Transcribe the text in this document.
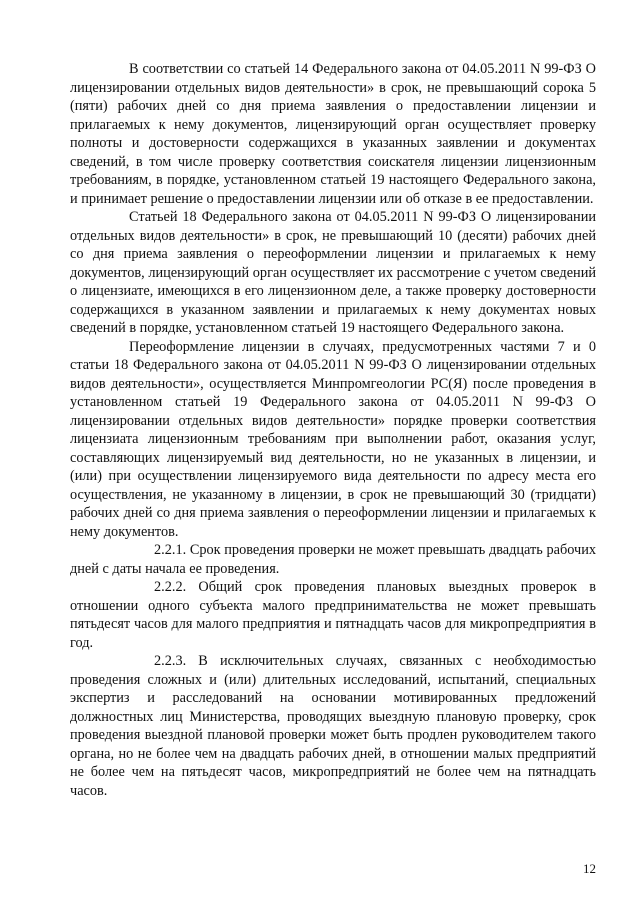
В соответствии со статьей 14 Федерального закона от 04.05.2011 N 99-ФЗ О лицензировании отдельных видов деятельности» в срок, не превышающий сорока 5 (пяти) рабочих дней со дня приема заявления о предоставлении лицензии и прилагаемых к нему документов, лицензирующий орган осуществляет проверку полноты и достоверности содержащихся в указанных заявлении и документах сведений, в том числе проверку соответствия соискателя лицензии лицензионным требованиям, в порядке, установленном статьей 19 настоящего Федерального закона, и принимает решение о предоставлении лицензии или об отказе в ее предоставлении.

Статьей 18 Федерального закона от 04.05.2011 N 99-ФЗ О лицензировании отдельных видов деятельности» в срок, не превышающий 10 (десяти) рабочих дней со дня приема заявления о переоформлении лицензии и прилагаемых к нему документов, лицензирующий орган осуществляет их рассмотрение с учетом сведений о лицензиате, имеющихся в его лицензионном деле, а также проверку достоверности содержащихся в указанном заявлении и прилагаемых к нему документах новых сведений в порядке, установленном статьей 19 настоящего Федерального закона.

Переоформление лицензии в случаях, предусмотренных частями 7 и 0 статьи 18 Федерального закона от 04.05.2011 N 99-ФЗ О лицензировании отдельных видов деятельности», осуществляется Минпромгеологии РС(Я) после проведения в установленном статьей 19 Федерального закона от 04.05.2011 N 99-ФЗ О лицензировании отдельных видов деятельности» порядке проверки соответствия лицензиата лицензионным требованиям при выполнении работ, оказания услуг, составляющих лицензируемый вид деятельности, но не указанных в лицензии, и (или) при осуществлении лицензируемого вида деятельности по адресу места его осуществления, не указанному в лицензии, в срок не превышающий 30 (тридцати) рабочих дней со дня приема заявления о переоформлении лицензии и прилагаемых к нему документов.

2.2.1. Срок проведения проверки не может превышать двадцать рабочих дней с даты начала ее проведения.

2.2.2. Общий срок проведения плановых выездных проверок в отношении одного субъекта малого предпринимательства не может превышать пятьдесят часов для малого предприятия и пятнадцать часов для микропредприятия в год.

2.2.3. В исключительных случаях, связанных с необходимостью проведения сложных и (или) длительных исследований, испытаний, специальных экспертиз и расследований на основании мотивированных предложений должностных лиц Министерства, проводящих выездную плановую проверку, срок проведения выездной плановой проверки может быть продлен руководителем такого органа, но не более чем на двадцать рабочих дней, в отношении малых предприятий не более чем на пятьдесят часов, микропредприятий не более чем на пятнадцать часов.

12
